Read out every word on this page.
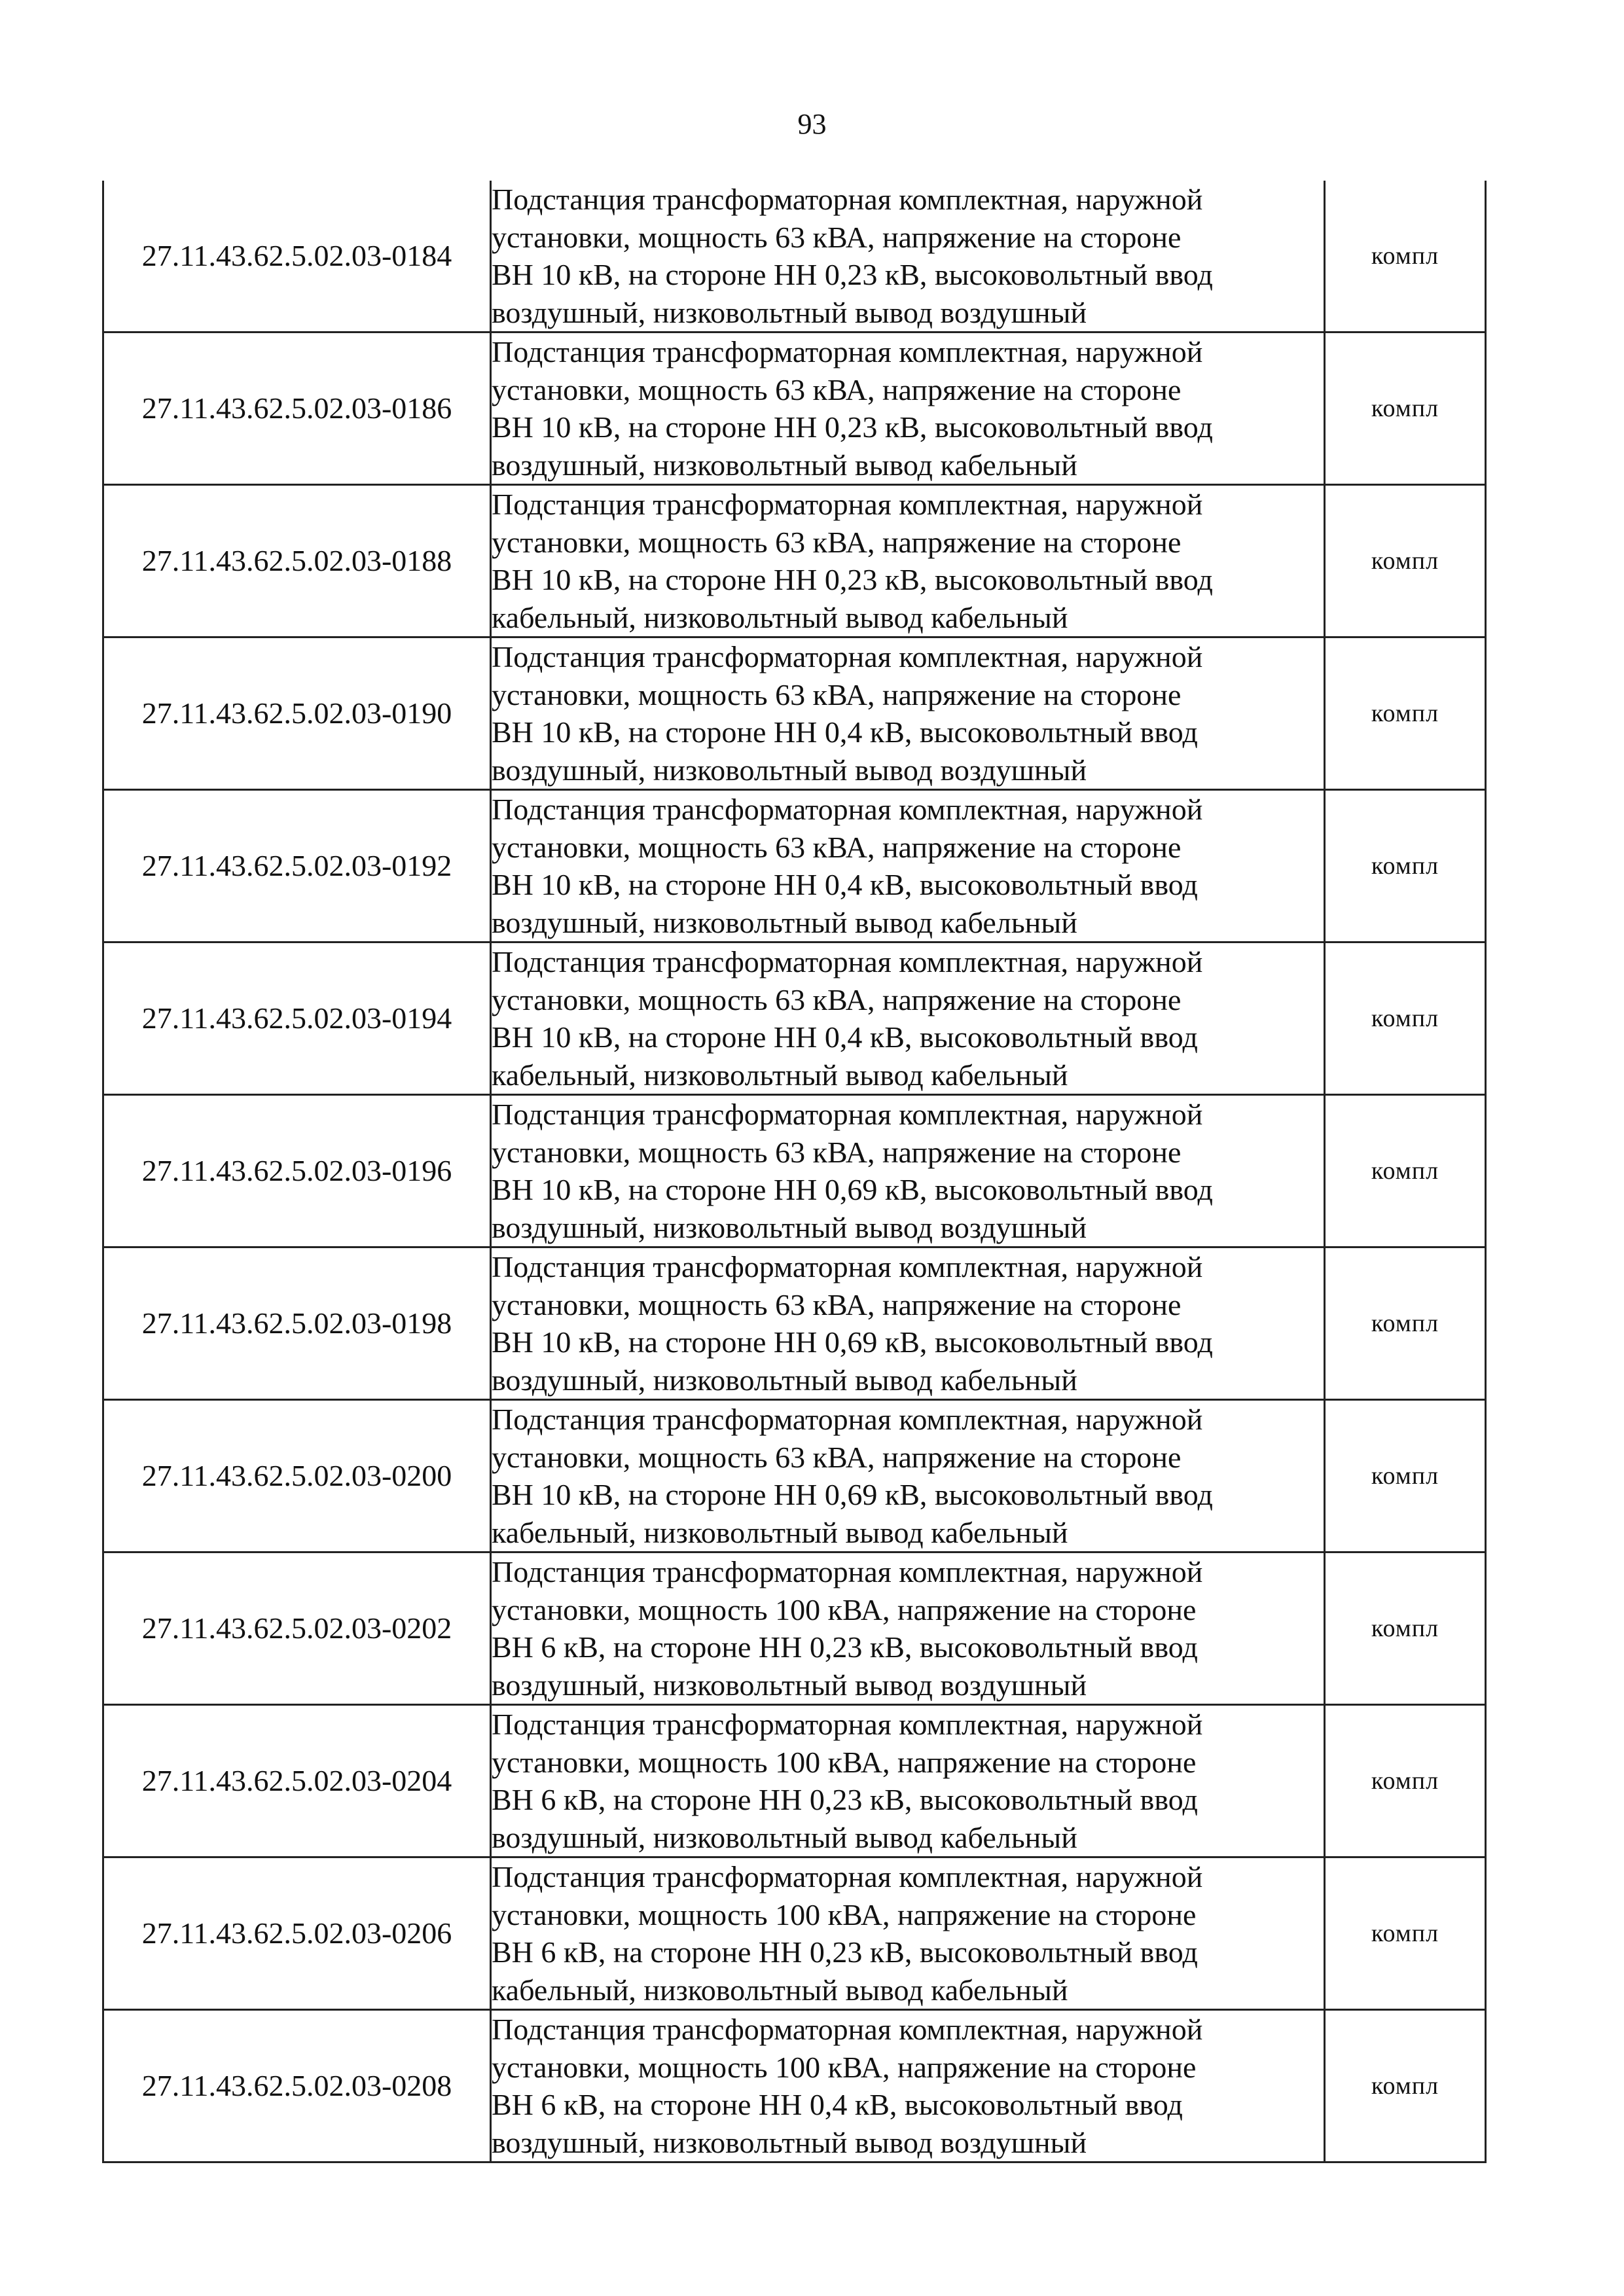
93
27.11.43.62.5.02.03-0184	Подстанция трансформаторная комплектная, наружной
установки, мощность 63 кВА, напряжение на стороне
ВН 10 кВ, на стороне НН 0,23 кВ, высоковольтный ввод
воздушный, низковольтный вывод воздушный	компл
27.11.43.62.5.02.03-0186	Подстанция трансформаторная комплектная, наружной
установки, мощность 63 кВА, напряжение на стороне
ВН 10 кВ, на стороне НН 0,23 кВ, высоковольтный ввод
воздушный, низковольтный вывод кабельный	компл
27.11.43.62.5.02.03-0188	Подстанция трансформаторная комплектная, наружной
установки, мощность 63 кВА, напряжение на стороне
ВН 10 кВ, на стороне НН 0,23 кВ, высоковольтный ввод
кабельный, низковольтный вывод кабельный	компл
27.11.43.62.5.02.03-0190	Подстанция трансформаторная комплектная, наружной
установки, мощность 63 кВА, напряжение на стороне
ВН 10 кВ, на стороне НН 0,4 кВ, высоковольтный ввод
воздушный, низковольтный вывод воздушный	компл
27.11.43.62.5.02.03-0192	Подстанция трансформаторная комплектная, наружной
установки, мощность 63 кВА, напряжение на стороне
ВН 10 кВ, на стороне НН 0,4 кВ, высоковольтный ввод
воздушный, низковольтный вывод кабельный	компл
27.11.43.62.5.02.03-0194	Подстанция трансформаторная комплектная, наружной
установки, мощность 63 кВА, напряжение на стороне
ВН 10 кВ, на стороне НН 0,4 кВ, высоковольтный ввод
кабельный, низковольтный вывод кабельный	компл
27.11.43.62.5.02.03-0196	Подстанция трансформаторная комплектная, наружной
установки, мощность 63 кВА, напряжение на стороне
ВН 10 кВ, на стороне НН 0,69 кВ, высоковольтный ввод
воздушный, низковольтный вывод воздушный	компл
27.11.43.62.5.02.03-0198	Подстанция трансформаторная комплектная, наружной
установки, мощность 63 кВА, напряжение на стороне
ВН 10 кВ, на стороне НН 0,69 кВ, высоковольтный ввод
воздушный, низковольтный вывод кабельный	компл
27.11.43.62.5.02.03-0200	Подстанция трансформаторная комплектная, наружной
установки, мощность 63 кВА, напряжение на стороне
ВН 10 кВ, на стороне НН 0,69 кВ, высоковольтный ввод
кабельный, низковольтный вывод кабельный	компл
27.11.43.62.5.02.03-0202	Подстанция трансформаторная комплектная, наружной
установки, мощность 100 кВА, напряжение на стороне
ВН 6 кВ, на стороне НН 0,23 кВ, высоковольтный ввод
воздушный, низковольтный вывод воздушный	компл
27.11.43.62.5.02.03-0204	Подстанция трансформаторная комплектная, наружной
установки, мощность 100 кВА, напряжение на стороне
ВН 6 кВ, на стороне НН 0,23 кВ, высоковольтный ввод
воздушный, низковольтный вывод кабельный	компл
27.11.43.62.5.02.03-0206	Подстанция трансформаторная комплектная, наружной
установки, мощность 100 кВА, напряжение на стороне
ВН 6 кВ, на стороне НН 0,23 кВ, высоковольтный ввод
кабельный, низковольтный вывод кабельный	компл
27.11.43.62.5.02.03-0208	Подстанция трансформаторная комплектная, наружной
установки, мощность 100 кВА, напряжение на стороне
ВН 6 кВ, на стороне НН 0,4 кВ, высоковольтный ввод
воздушный, низковольтный вывод воздушный	компл
